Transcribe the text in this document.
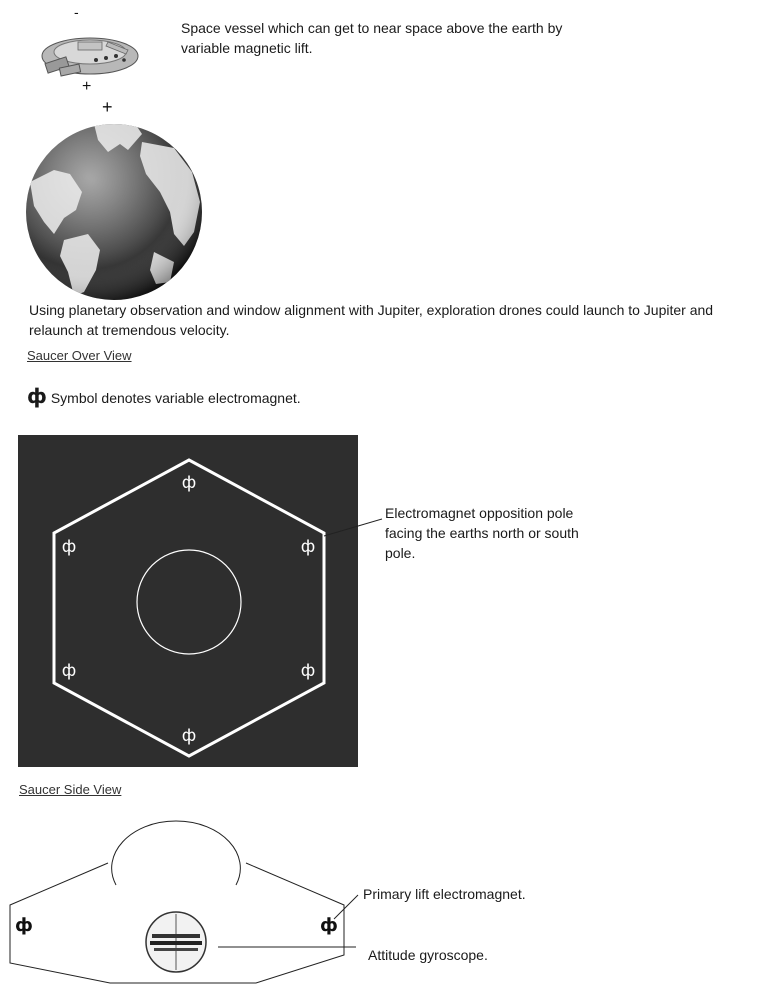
-
+
+
Space vessel which can get to near space above the earth by variable magnetic lift.
Using planetary observation and window alignment with Jupiter, exploration drones could launch to Jupiter and relaunch at tremendous velocity.
Saucer Over View
ф Symbol denotes variable electromagnet.
ф
ф	ф
ф	ф
ф
Electromagnet opposition pole facing the earths north or south pole.
Saucer Side View
ф	ф
Primary lift electromagnet.
Attitude gyroscope.
